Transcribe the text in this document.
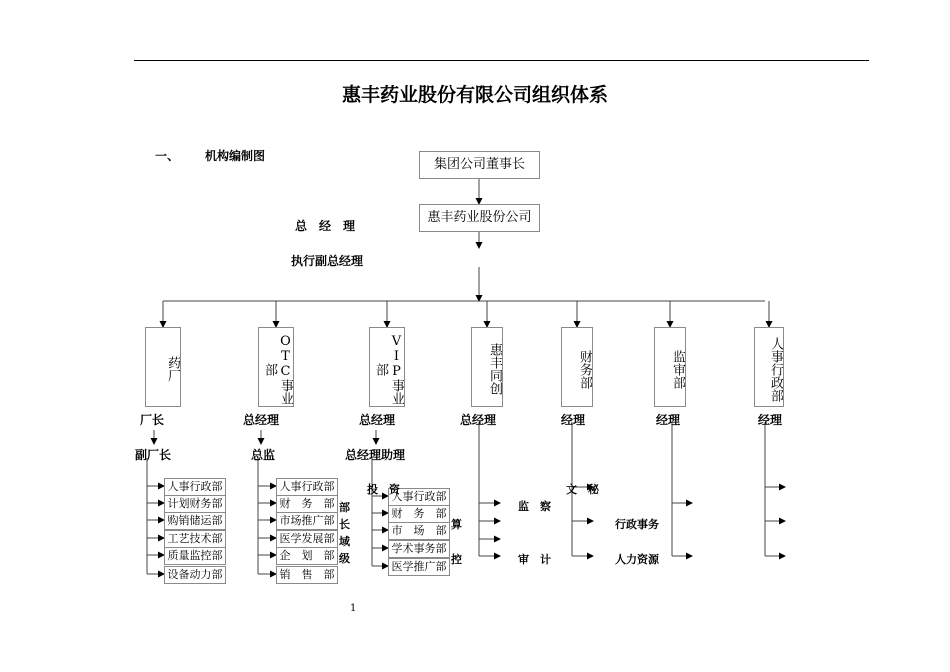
惠丰药业股份有限公司组织体系
一、 机构编制图
集团公司董事长
惠丰药业股份公司
总　经　理
执行副总经理
药厂	OTC事业部	VIP事业部	惠丰同创	财务部	监审部	人事行政部
厂长	总经理	总经理	总经理	经理	经理	经理
副厂长	总监	总经理助理
人事行政部
计划财务部
购销储运部
工艺技术部
质量监控部
设备动力部
人事行政部
财　务　部
市场推广部
医学发展部
企　划　部
销　售　部
人事行政部
财　务　部
市　场　部
学术事务部
医学推广部
投　资
部
长
域
级
算
控
监　察
审　计
文　秘
行政事务
人力资源
1
